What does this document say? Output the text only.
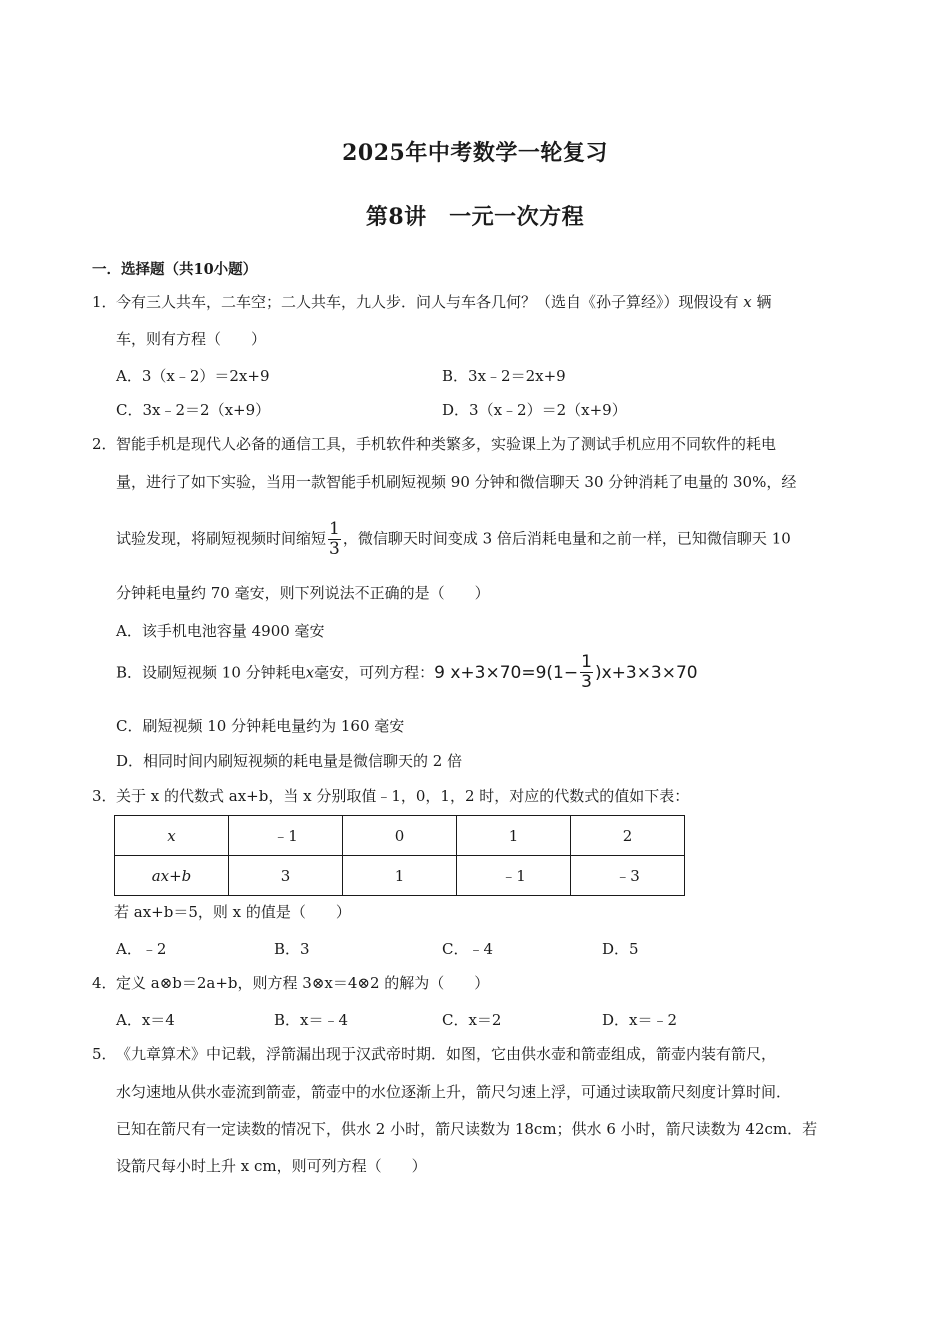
2025年中考数学一轮复习
第8讲　一元一次方程
一．选择题（共10小题）
1． 今有三人共车，二车空；二人共车，九人步．问人与车各几何？（选自《孙子算经》）现假设有 x 辆
车，则有方程（　　）
A．3（x﹣2）＝2x+9	B．3x﹣2＝2x+9
C．3x﹣2＝2（x+9）	D．3（x﹣2）＝2（x+9）
2． 智能手机是现代人必备的通信工具，手机软件种类繁多，实验课上为了测试手机应用不同软件的耗电
量，进行了如下实验，当用一款智能手机刷短视频 90 分钟和微信聊天 30 分钟消耗了电量的 30%，经
试验发现，将刷短视频时间缩短 $\frac{1}{3}$ ，微信聊天时间变成 3 倍后消耗电量和之前一样，已知微信聊天 10
分钟耗电量约 70 毫安，则下列说法不正确的是（　　）
A．该手机电池容量 4900 毫安
B．设刷短视频 10 分钟耗电x毫安，可列方程：9 $x+3\times 70=9(1- \frac{1}{3} )x+3\times 3\times 70$
C．刷短视频 10 分钟耗电量约为 160 毫安
D．相同时间内刷短视频的耗电量是微信聊天的 2 倍
3． 关于 x 的代数式 ax+b，当 x 分别取值﹣1，0，1，2 时，对应的代数式的值如下表：
x	﹣1	0	1	2
ax+b	3	1	﹣1	﹣3
若 ax+b＝5，则 x 的值是（　　）
A．﹣2	B．3	C．﹣4	D．5
4． 定义 a⊗b＝2a+b，则方程 3⊗x＝4⊗2 的解为（　　）
A．x＝4	B．x＝﹣4	C．x＝2	D．x＝﹣2
5． 《九章算术》中记载，浮箭漏出现于汉武帝时期．如图，它由供水壶和箭壶组成，箭壶内装有箭尺，
水匀速地从供水壶流到箭壶，箭壶中的水位逐渐上升，箭尺匀速上浮，可通过读取箭尺刻度计算时间．
已知在箭尺有一定读数的情况下，供水 2 小时，箭尺读数为 18cm；供水 6 小时，箭尺读数为 42cm．若
设箭尺每小时上升 x cm，则可列方程（　　）
